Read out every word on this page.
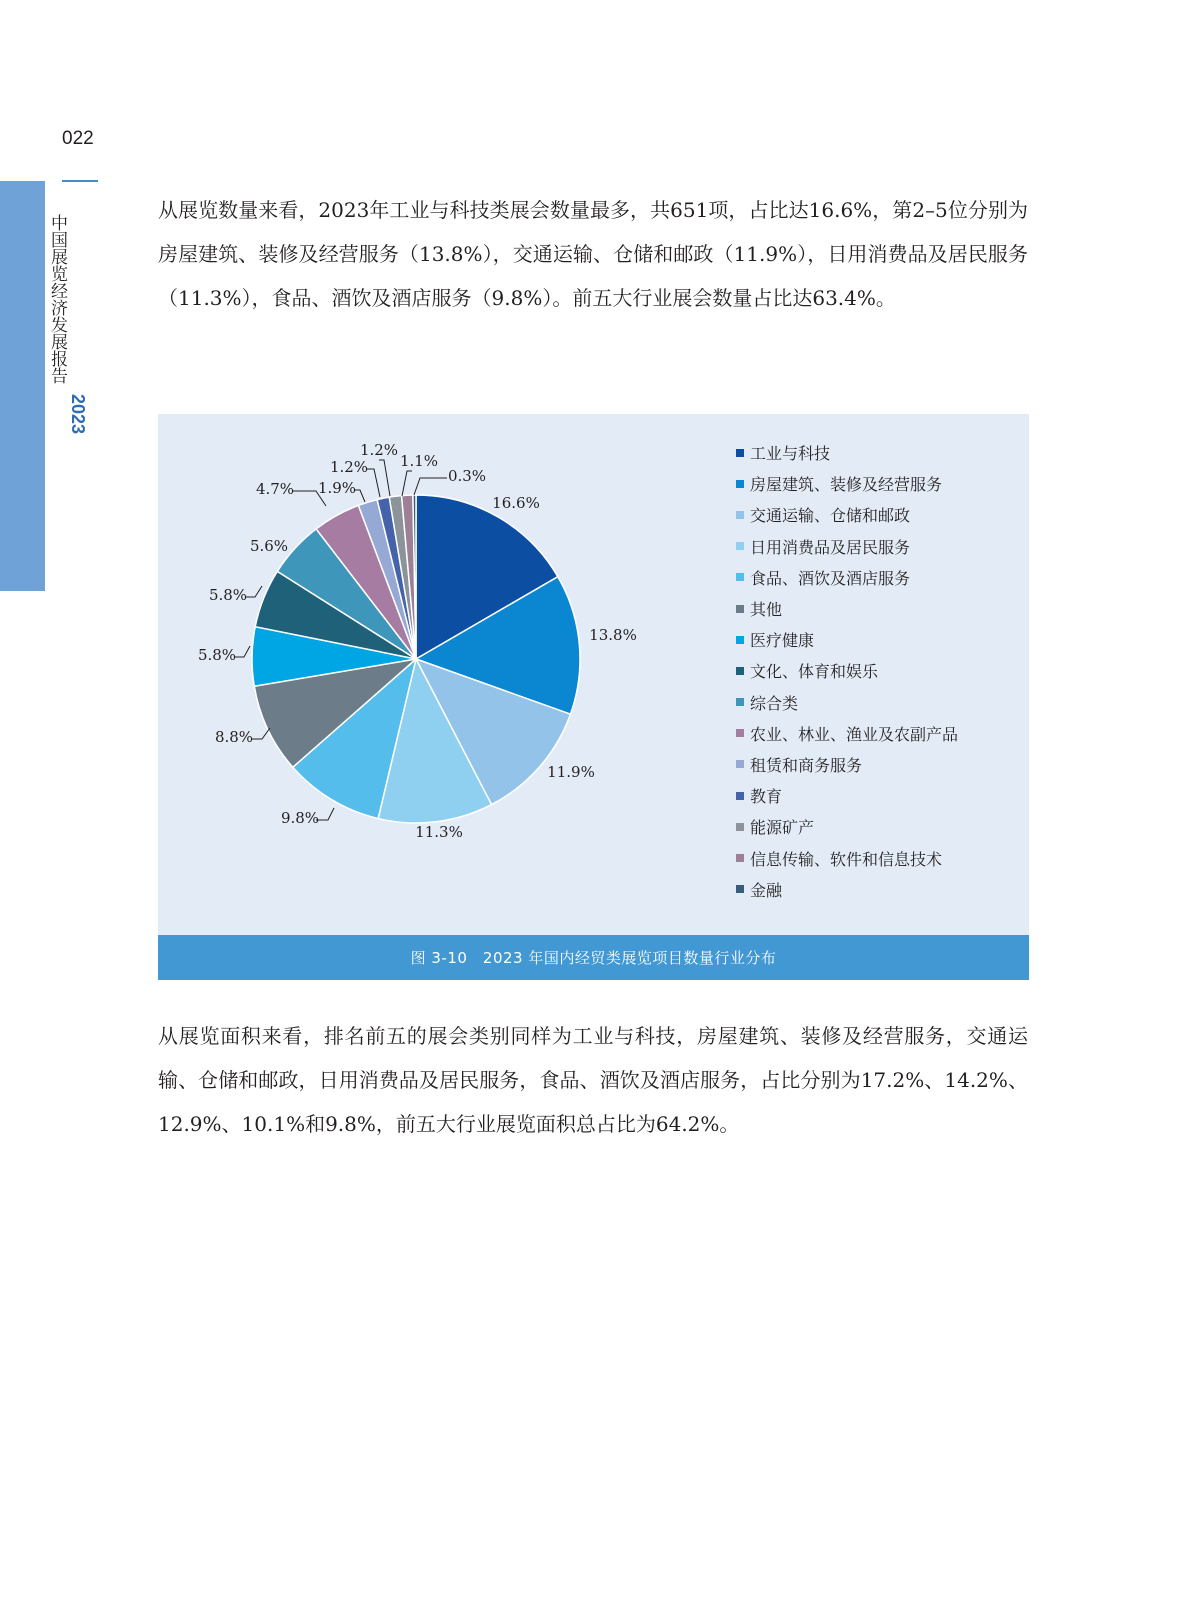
022
中国展览经济发展报告
2023

从展览数量来看，2023年工业与科技类展会数量最多，共651项，占比达16.6%，第2–5位分别为房屋建筑、装修及经营服务（13.8%），交通运输、仓储和邮政（11.9%），日用消费品及居民服务（11.3%），食品、酒饮及酒店服务（9.8%）。前五大行业展会数量占比达63.4%。

16.6%
13.8%
11.9%
11.3%
9.8%
8.8%
5.8%
5.8%
5.6%
4.7% 1.9%
1.2%
1.2%
1.1%
0.3%
工业与科技
房屋建筑、装修及经营服务
交通运输、仓储和邮政
日用消费品及居民服务
食品、酒饮及酒店服务
其他
医疗健康
文化、体育和娱乐
综合类
农业、林业、渔业及农副产品
租赁和商务服务
教育
能源矿产
信息传输、软件和信息技术
金融
图 3-10　2023 年国内经贸类展览项目数量行业分布

从展览面积来看，排名前五的展会类别同样为工业与科技，房屋建筑、装修及经营服务，交通运输、仓储和邮政，日用消费品及居民服务，食品、酒饮及酒店服务，占比分别为17.2%、14.2%、12.9%、10.1%和9.8%，前五大行业展览面积总占比为64.2%。
